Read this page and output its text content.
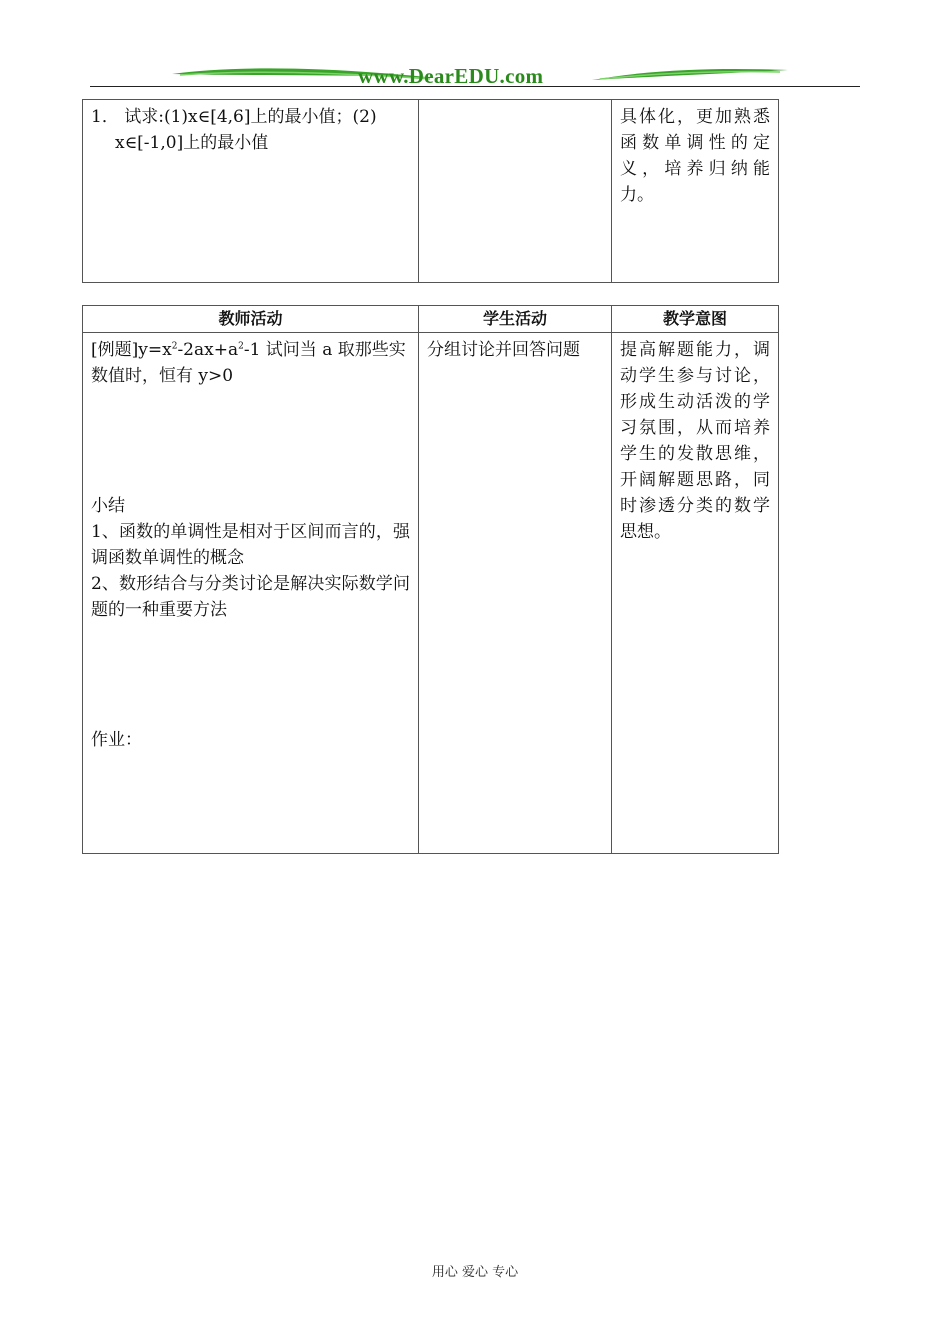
www.DearEDU.com

1． 试求:(1)x∈[4,6]上的最小值；(2)

x∈[-1,0]上的最小值

		具体化，更加熟悉函数单调性的定义，培养归纳能力。
教师活动	学生活动	教学意图

[例题]$y=x^2-2ax+a^2-1$ 试问当 a 取那些实数值时，恒有 y>0

小结

1、函数的单调性是相对于区间而言的，强调函数单调性的概念

2、数形结合与分类讨论是解决实际数学问题的一种重要方法

作业：	分组讨论并回答问题	提高解题能力，调动学生参与讨论，形成生动活泼的学习氛围，从而培养学生的发散思维，开阔解题思路，同时渗透分类的数学思想。
用心 爱心 专心
